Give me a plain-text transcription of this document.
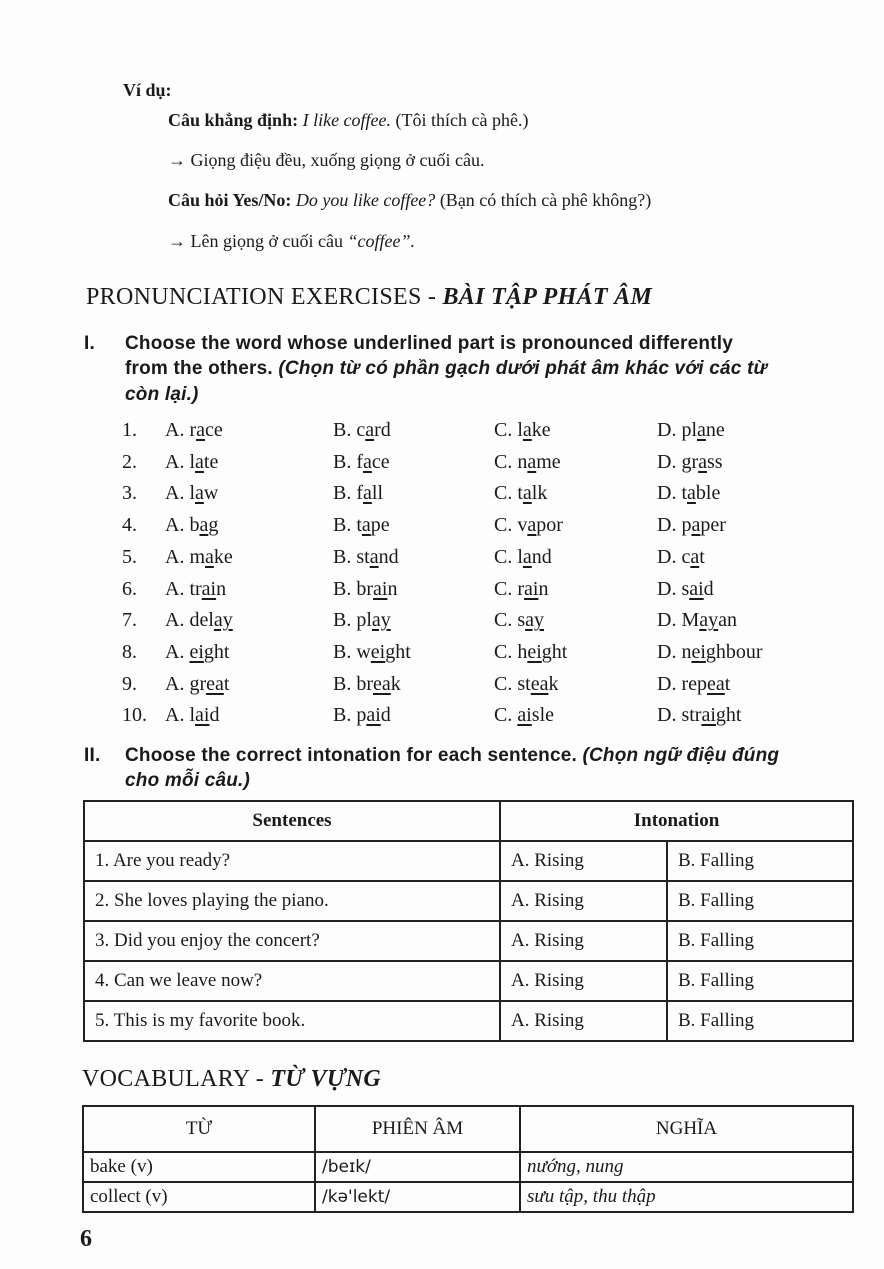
Ví dụ:
Câu khẳng định: I like coffee. (Tôi thích cà phê.)
→ Giọng điệu đều, xuống giọng ở cuối câu.
Câu hỏi Yes/No: Do you like coffee? (Bạn có thích cà phê không?)
→ Lên giọng ở cuối câu “coffee”.
PRONUNCIATION EXERCISES - BÀI TẬP PHÁT ÂM
I. Choose the word whose underlined part is pronounced differently
from the others. (Chọn từ có phần gạch dưới phát âm khác với các từ
còn lại.)
1. A. race	B. card	C. lake	D. plane
2. A. late	B. face	C. name	D. grass
3. A. law	B. fall	C. talk	D. table
4. A. bag	B. tape	C. vapor	D. paper
5. A. make	B. stand	C. land	D. cat
6. A. train	B. brain	C. rain	D. said
7. A. delay	B. play	C. say	D. Mayan
8. A. eight	B. weight	C. height	D. neighbour
9. A. great	B. break	C. steak	D. repeat
10. A. laid	B. paid	C. aisle	D. straight
II. Choose the correct intonation for each sentence. (Chọn ngữ điệu đúng
cho mỗi câu.)
Sentences	Intonation	
1. Are you ready?	A. Rising	B. Falling
2. She loves playing the piano.	A. Rising	B. Falling
3. Did you enjoy the concert?	A. Rising	B. Falling
4. Can we leave now?	A. Rising	B. Falling
5. This is my favorite book.	A. Rising	B. Falling
VOCABULARY - TỪ VỰNG
TỪ	PHIÊN ÂM	NGHĨA
bake (v)	/beɪk/	nướng, nung
collect (v)	/kə'lekt/	sưu tập, thu thập
6
